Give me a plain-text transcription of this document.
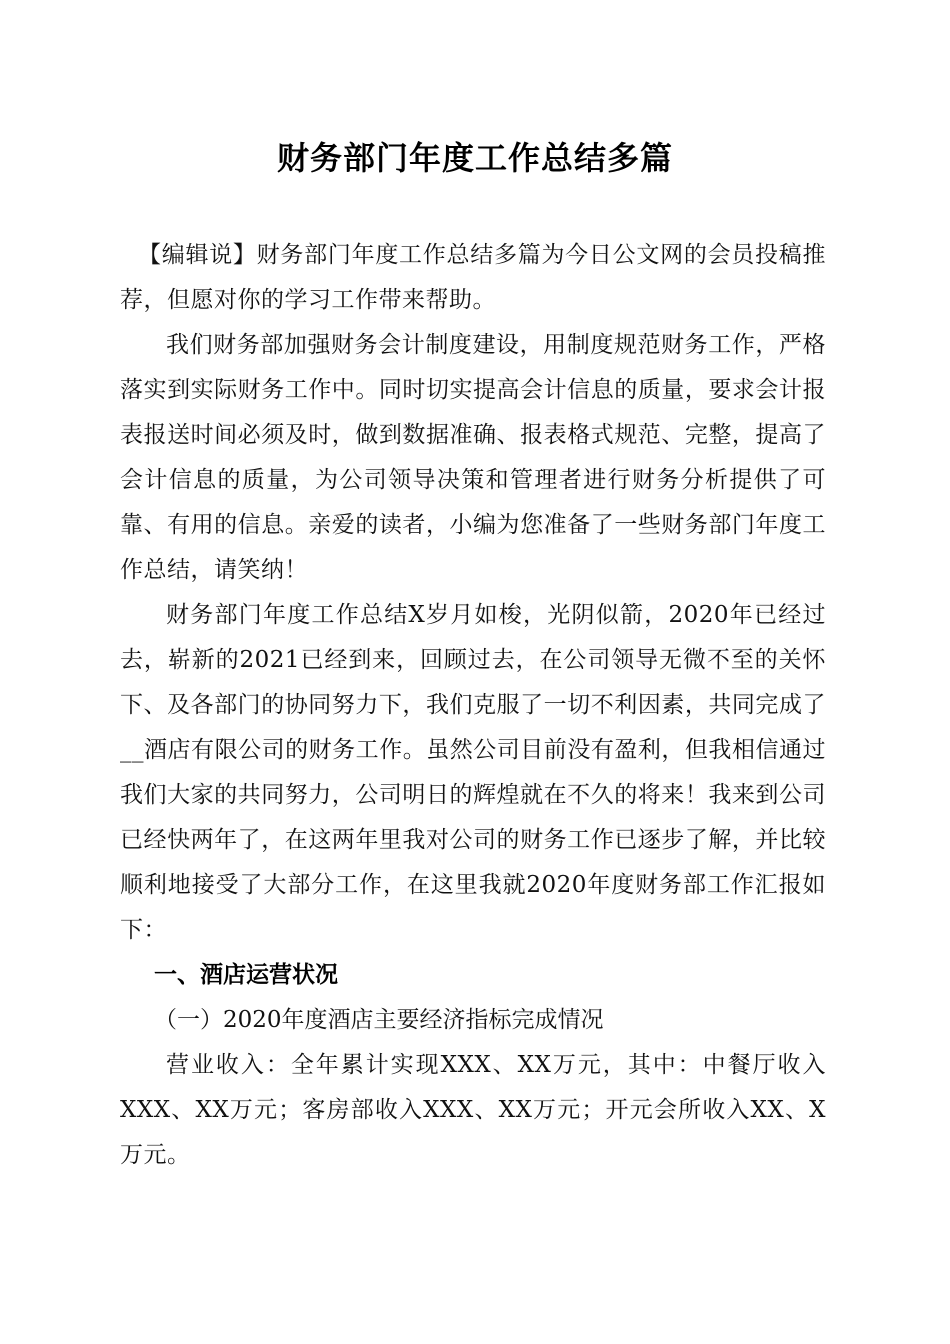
财务部门年度工作总结多篇

【编辑说】财务部门年度工作总结多篇为今日公文网的会员投稿推荐，但愿对你的学习工作带来帮助。

我们财务部加强财务会计制度建设，用制度规范财务工作，严格落实到实际财务工作中。同时切实提高会计信息的质量，要求会计报表报送时间必须及时，做到数据准确、报表格式规范、完整，提高了会计信息的质量，为公司领导决策和管理者进行财务分析提供了可靠、有用的信息。亲爱的读者，小编为您准备了一些财务部门年度工作总结，请笑纳！

财务部门年度工作总结X岁月如梭，光阴似箭，2020年已经过去，崭新的2021已经到来，回顾过去，在公司领导无微不至的关怀下、及各部门的协同努力下，我们克服了一切不利因素，共同完成了__酒店有限公司的财务工作。虽然公司目前没有盈利，但我相信通过我们大家的共同努力，公司明日的辉煌就在不久的将来！我来到公司已经快两年了，在这两年里我对公司的财务工作已逐步了解，并比较顺利地接受了大部分工作，在这里我就2020年度财务部工作汇报如下：

一、酒店运营状况
（一）2020年度酒店主要经济指标完成情况

营业收入：全年累计实现XXX、XX万元，其中：中餐厅收入XXX、XX万元；客房部收入XXX、XX万元；开元会所收入XX、X万元。
